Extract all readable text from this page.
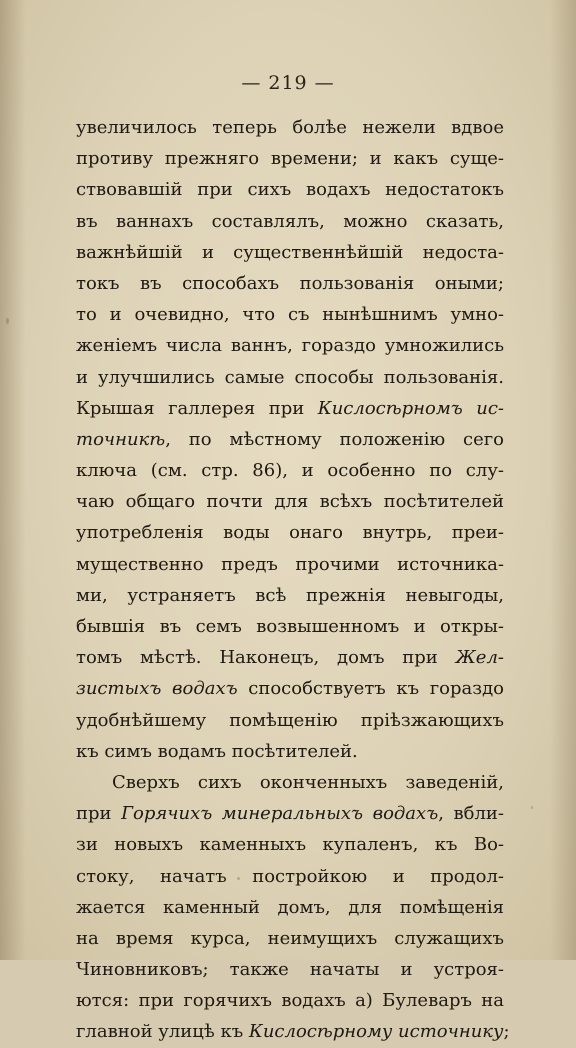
— 219 —
увеличилось теперь болѣе нежели вдвое
противу прежняго времени; и какъ суще-
ствовавшій при сихъ водахъ недостатокъ
въ ваннахъ составлялъ, можно сказать,
важнѣйшій и существеннѣйшій недоста-
токъ въ способахъ пользованія оными;
то и очевидно, что съ нынѣшнимъ умно-
женіемъ числа ваннъ, гораздо умножились
и улучшились самые способы пользованія.
Крышая галлерея при Кислосѣрномъ ис-
точникѣ, по мѣстному положенію сего
ключа (см. стр. 86), и особенно по слу-
чаю общаго почти для всѣхъ посѣтителей
употребленія воды онаго внутрь, преи-
мущественно предъ прочими источника-
ми, устраняетъ всѣ прежнія невыгоды,
бывшія въ семъ возвышенномъ и откры-
томъ мѣстѣ. Наконецъ, домъ при Жел-
зистыхъ водахъ способствуетъ къ гораздо
удобнѣйшему помѣщенію пріѣзжающихъ
къ симъ водамъ посѣтителей.
Сверхъ сихъ оконченныхъ заведеній,
при Горячихъ минеральныхъ водахъ, вбли-
зи новыхъ каменныхъ купаленъ, къ Во-
стоку, начатъ постройкою и продол-
жается каменный домъ, для помѣщенія
на время курса, неимущихъ служащихъ
Чиновниковъ; также начаты и устроя-
ются: при горячихъ водахъ а) Булеваръ на
главной улицѣ къ Кислосѣрному источнику;
